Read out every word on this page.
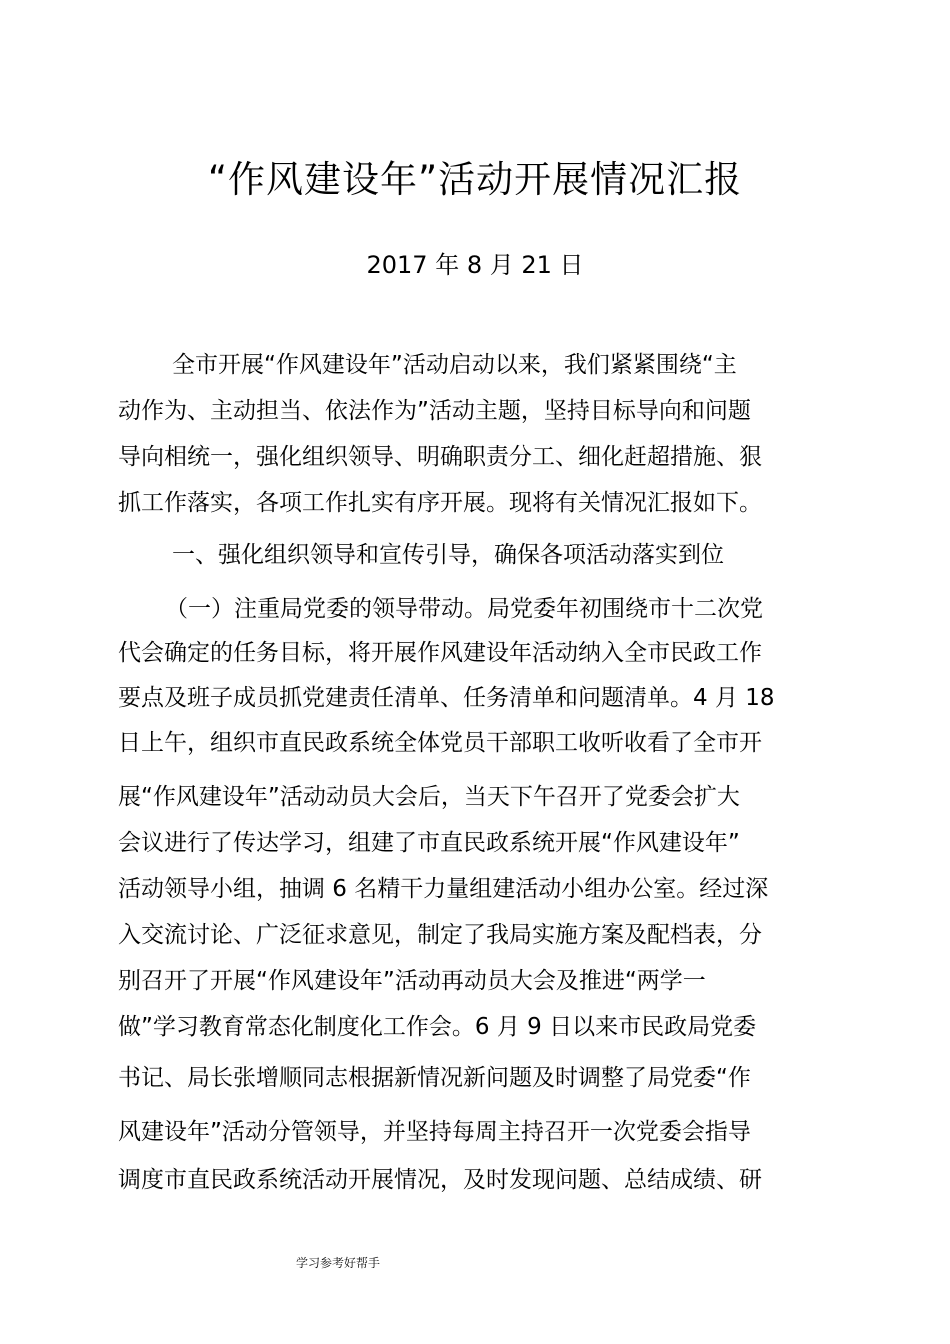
“作风建设年”活动开展情况汇报
2017 年 8 月 21 日
全市开展“作风建设年”活动启动以来，我们紧紧围绕“主
动作为、主动担当、依法作为”活动主题，坚持目标导向和问题
导向相统一，强化组织领导、明确职责分工、细化赶超措施、狠
抓工作落实，各项工作扎实有序开展。现将有关情况汇报如下。
一、强化组织领导和宣传引导，确保各项活动落实到位
（一）注重局党委的领导带动。局党委年初围绕市十二次党
代会确定的任务目标，将开展作风建设年活动纳入全市民政工作
要点及班子成员抓党建责任清单、任务清单和问题清单。4 月 18
日上午，组织市直民政系统全体党员干部职工收听收看了全市开
展“作风建设年”活动动员大会后，当天下午召开了党委会扩大
会议进行了传达学习，组建了市直民政系统开展“作风建设年”
活动领导小组，抽调 6 名精干力量组建活动小组办公室。经过深
入交流讨论、广泛征求意见，制定了我局实施方案及配档表，分
别召开了开展“作风建设年”活动再动员大会及推进“两学一
做”学习教育常态化制度化工作会。6 月 9 日以来市民政局党委
书记、局长张增顺同志根据新情况新问题及时调整了局党委“作
风建设年”活动分管领导，并坚持每周主持召开一次党委会指导
调度市直民政系统活动开展情况，及时发现问题、总结成绩、研
学习参考好帮手
